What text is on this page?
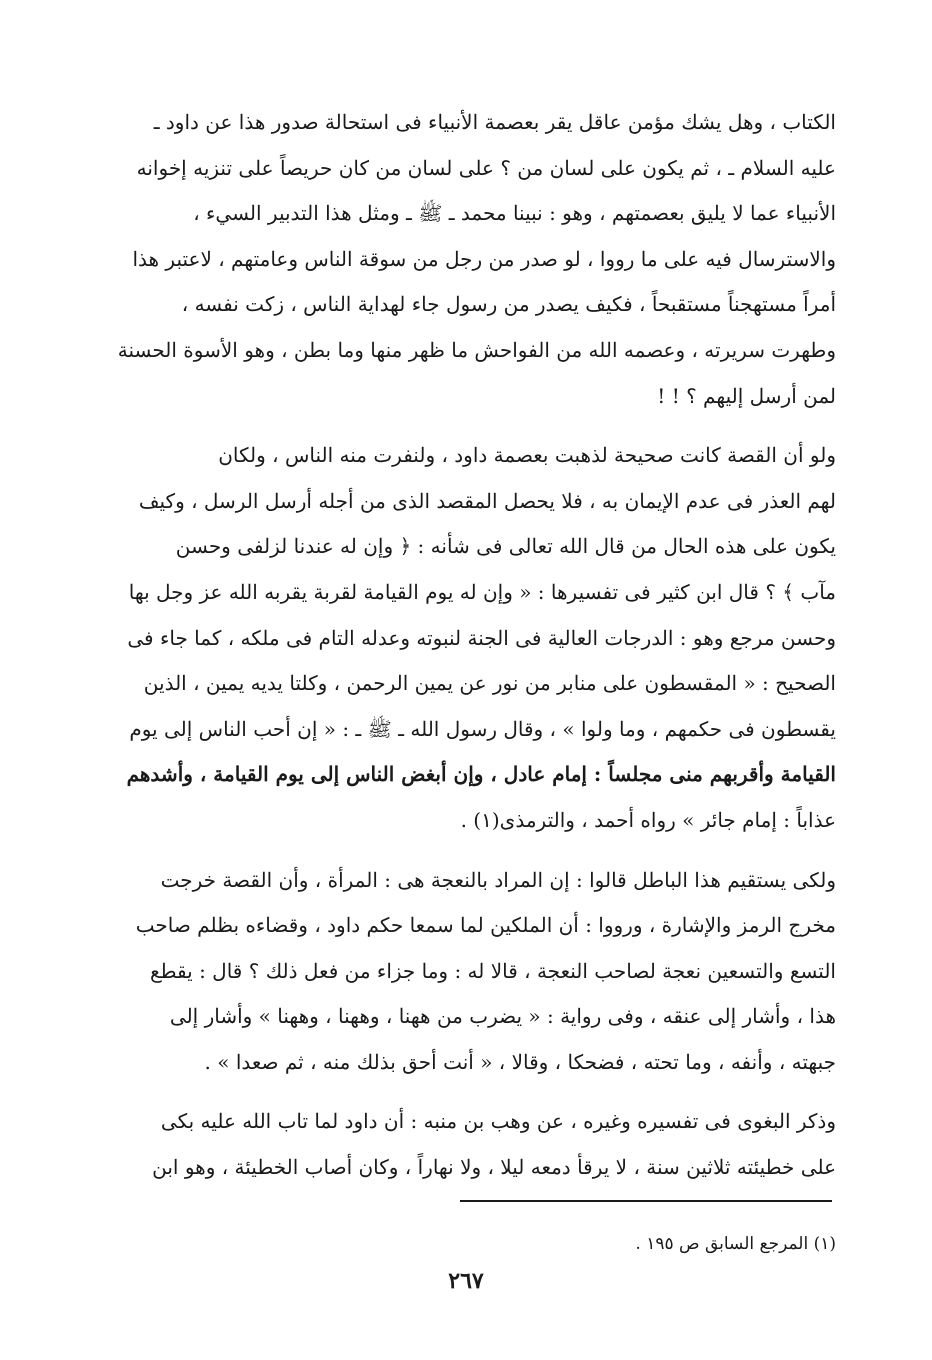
الكتاب ، وهل يشك مؤمن عاقل يقر بعصمة الأنبياء فى استحالة صدور هذا عن داود ـ
عليه السلام ـ ، ثم يكون على لسان من ؟ على لسان من كان حريصاً على تنزيه إخوانه
الأنبياء عما لا يليق بعصمتهم ، وهو : نبينا محمد ـ ﷺ ـ ومثل هذا التدبير السيء ،
والاسترسال فيه على ما رووا ، لو صدر من رجل من سوقة الناس وعامتهم ، لاعتبر هذا
أمراً مستهجناً مستقبحاً ، فكيف يصدر من رسول جاء لهداية الناس ، زكت نفسه ،
وطهرت سريرته ، وعصمه الله من الفواحش ما ظهر منها وما بطن ، وهو الأسوة الحسنة
لمن أرسل إليهم ؟ ! !
ولو أن القصة كانت صحيحة لذهبت بعصمة داود ، ولنفرت منه الناس ، ولكان
لهم العذر فى عدم الإيمان به ، فلا يحصل المقصد الذى من أجله أرسل الرسل ، وكيف
يكون على هذه الحال من قال الله تعالى فى شأنه : ﴿ وإن له عندنا لزلفى وحسن
مآب ﴾ ؟ قال ابن كثير فى تفسيرها : « وإن له يوم القيامة لقربة يقربه الله عز وجل بها
وحسن مرجع وهو : الدرجات العالية فى الجنة لنبوته وعدله التام فى ملكه ، كما جاء فى
الصحيح : « المقسطون على منابر من نور عن يمين الرحمن ، وكلتا يديه يمين ، الذين
يقسطون فى حكمهم ، وما ولوا » ، وقال رسول الله ـ ﷺ ـ : « إن أحب الناس إلى يوم
القيامة وأقربهم منى مجلساً : إمام عادل ، وإن أبغض الناس إلى يوم القيامة ، وأشدهم
عذاباً : إمام جائر » رواه أحمد ، والترمذى(١) .
ولكى يستقيم هذا الباطل قالوا : إن المراد بالنعجة هى : المرأة ، وأن القصة خرجت
مخرج الرمز والإشارة ، ورووا : أن الملكين لما سمعا حكم داود ، وقضاءه بظلم صاحب
التسع والتسعين نعجة لصاحب النعجة ، قالا له : وما جزاء من فعل ذلك ؟ قال : يقطع
هذا ، وأشار إلى عنقه ، وفى رواية : « يضرب من ههنا ، وههنا ، وههنا » وأشار إلى
جبهته ، وأنفه ، وما تحته ، فضحكا ، وقالا ، « أنت أحق بذلك منه ، ثم صعدا » .
وذكر البغوى فى تفسيره وغيره ، عن وهب بن منبه : أن داود لما تاب الله عليه بكى
على خطيئته ثلاثين سنة ، لا يرقأ دمعه ليلا ، ولا نهاراً ، وكان أصاب الخطيئة ، وهو ابن
(١) المرجع السابق ص ١٩٥ .
٢٦٧
